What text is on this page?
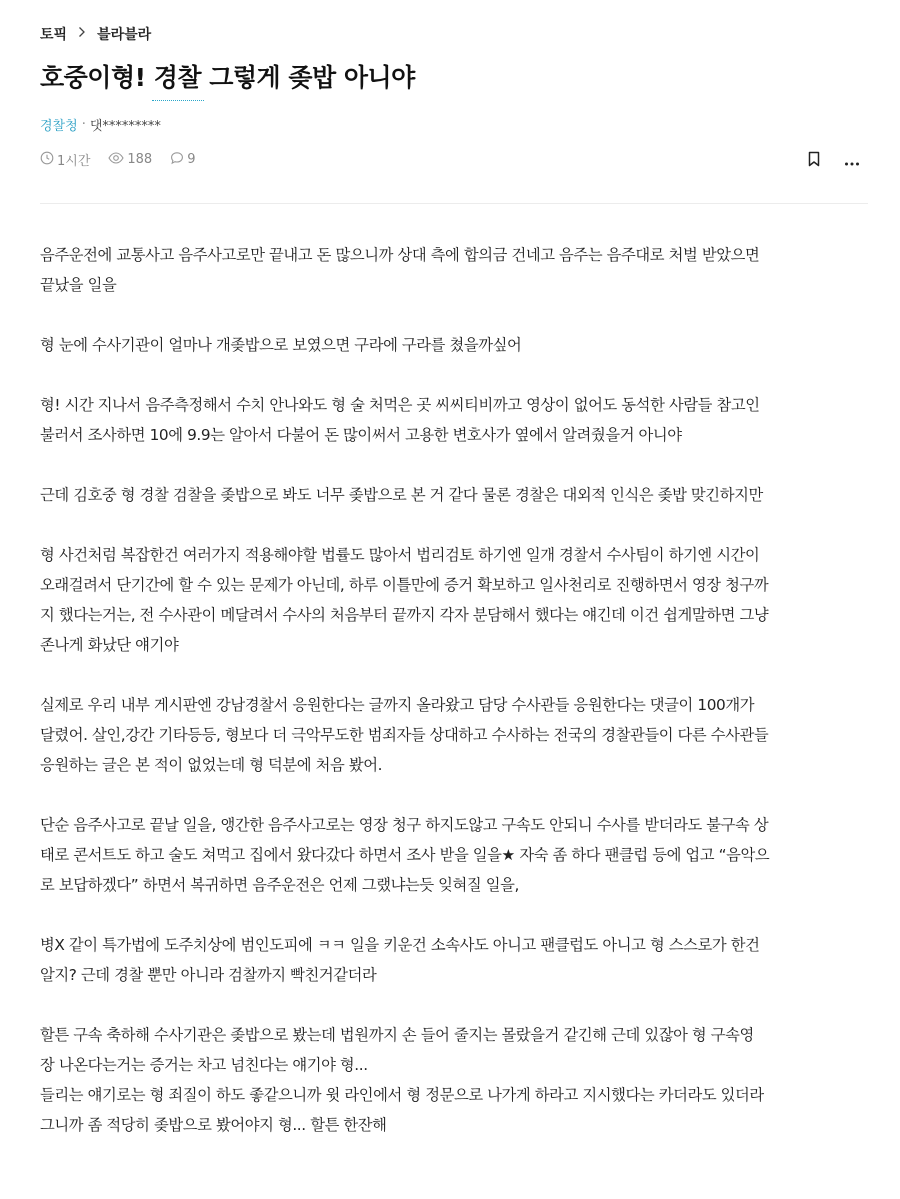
토픽 블라블라
호중이형! 경찰 그렇게 좆밥 아니야
경찰청 · 댓*********
1시간	188	9

음주운전에 교통사고 음주사고로만 끝내고 돈 많으니까 상대 측에 합의금 건네고 음주는 음주대로 처벌 받았으면
끝났을 일을

형 눈에 수사기관이 얼마나 개좆밥으로 보였으면 구라에 구라를 쳤을까싶어

형! 시간 지나서 음주측정해서 수치 안나와도 형 술 처먹은 곳 씨씨티비까고 영상이 없어도 동석한 사람들 참고인
불러서 조사하면 10에 9.9는 알아서 다불어 돈 많이써서 고용한 변호사가 옆에서 알려줬을거 아니야

근데 김호중 형 경찰 검찰을 좆밥으로 봐도 너무 좆밥으로 본 거 같다 물론 경찰은 대외적 인식은 좆밥 맞긴하지만

형 사건처럼 복잡한건 여러가지 적용해야할 법률도 많아서 법리검토 하기엔 일개 경찰서 수사팀이 하기엔 시간이
오래걸려서 단기간에 할 수 있는 문제가 아닌데, 하루 이틀만에 증거 확보하고 일사천리로 진행하면서 영장 청구까
지 했다는거는, 전 수사관이 메달려서 수사의 처음부터 끝까지 각자 분담해서 했다는 얘긴데 이건 쉽게말하면 그냥
존나게 화났단 얘기야

실제로 우리 내부 게시판엔 강남경찰서 응원한다는 글까지 올라왔고 담당 수사관들 응원한다는 댓글이 100개가
달렸어. 살인,강간 기타등등, 형보다 더 극악무도한 범죄자들 상대하고 수사하는 전국의 경찰관들이 다른 수사관들
응원하는 글은 본 적이 없었는데 형 덕분에 처음 봤어.

단순 음주사고로 끝날 일을, 앵간한 음주사고로는 영장 청구 하지도않고 구속도 안되니 수사를 받더라도 불구속 상
태로 콘서트도 하고 술도 쳐먹고 집에서 왔다갔다 하면서 조사 받을 일을★ 자숙 좀 하다 팬클럽 등에 업고 “음악으
로 보답하겠다” 하면서 복귀하면 음주운전은 언제 그랬냐는듯 잊혀질 일을,

병X 같이 특가법에 도주치상에 범인도피에 ㅋㅋ 일을 키운건 소속사도 아니고 팬클럽도 아니고 형 스스로가 한건
알지? 근데 경찰 뿐만 아니라 검찰까지 빡친거같더라

할튼 구속 축하해 수사기관은 좆밥으로 봤는데 법원까지 손 들어 줄지는 몰랐을거 같긴해 근데 있잖아 형 구속영
장 나온다는거는 증거는 차고 넘친다는 얘기야 형...

들리는 얘기로는 형 죄질이 하도 좋같으니까 윗 라인에서 형 정문으로 나가게 하라고 지시했다는 카더라도 있더라
그니까 좀 적당히 좆밥으로 봤어야지 형... 할튼 한잔해
